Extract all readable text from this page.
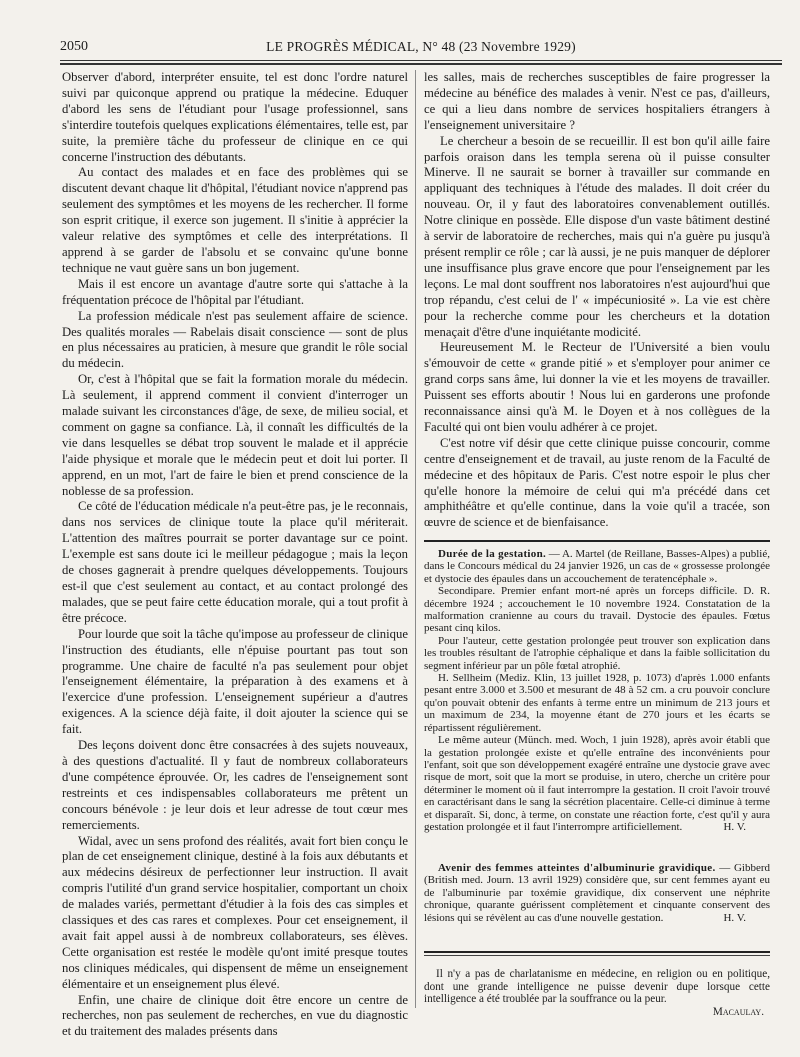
2050	LE PROGRÈS MÉDICAL, N° 48 (23 Novembre 1929)

Observer d'abord, interpréter ensuite, tel est donc l'ordre naturel suivi par quiconque apprend ou pratique la médecine. Eduquer d'abord les sens de l'étudiant pour l'usage professionnel, sans s'interdire toutefois quelques explications élémentaires, telle est, par suite, la première tâche du professeur de clinique en ce qui concerne l'instruction des débutants.

Au contact des malades et en face des problèmes qui se discutent devant chaque lit d'hôpital, l'étudiant novice n'apprend pas seulement des symptômes et les moyens de les rechercher. Il forme son esprit critique, il exerce son jugement. Il s'initie à apprécier la valeur relative des symptômes et celle des interprétations. Il apprend à se garder de l'absolu et se convainc qu'une bonne technique ne vaut guère sans un bon jugement.

Mais il est encore un avantage d'autre sorte qui s'attache à la fréquentation précoce de l'hôpital par l'étudiant.

La profession médicale n'est pas seulement affaire de science. Des qualités morales — Rabelais disait conscience — sont de plus en plus nécessaires au praticien, à mesure que grandit le rôle social du médecin.

Or, c'est à l'hôpital que se fait la formation morale du médecin. Là seulement, il apprend comment il convient d'interroger un malade suivant les circonstances d'âge, de sexe, de milieu social, et comment on gagne sa confiance. Là, il connaît les difficultés de la vie dans lesquelles se débat trop souvent le malade et il apprécie l'aide physique et morale que le médecin peut et doit lui porter. Il apprend, en un mot, l'art de faire le bien et prend conscience de la noblesse de sa profession.

Ce côté de l'éducation médicale n'a peut-être pas, je le reconnais, dans nos services de clinique toute la place qu'il mériterait. L'attention des maîtres pourrait se porter davantage sur ce point. L'exemple est sans doute ici le meilleur pédagogue ; mais la leçon de choses gagnerait à prendre quelques développements. Toujours est-il que c'est seulement au contact, et au contact prolongé des malades, que se peut faire cette éducation morale, qui a tout profit à être précoce.

Pour lourde que soit la tâche qu'impose au professeur de clinique l'instruction des étudiants, elle n'épuise pourtant pas tout son programme. Une chaire de faculté n'a pas seulement pour objet l'enseignement élémentaire, la préparation à des examens et à l'exercice d'une profession. L'enseignement supérieur a d'autres exigences. A la science déjà faite, il doit ajouter la science qui se fait.

Des leçons doivent donc être consacrées à des sujets nouveaux, à des questions d'actualité. Il y faut de nombreux collaborateurs d'une compétence éprouvée. Or, les cadres de l'enseignement sont restreints et ces indispensables collaborateurs me prêtent un concours bénévole : je leur dois et leur adresse de tout cœur mes remerciements.

Widal, avec un sens profond des réalités, avait fort bien conçu le plan de cet enseignement clinique, destiné à la fois aux débutants et aux médecins désireux de perfectionner leur instruction. Il avait compris l'utilité d'un grand service hospitalier, comportant un choix de malades variés, permettant d'étudier à la fois des cas simples et classiques et des cas rares et complexes. Pour cet enseignement, il avait fait appel aussi à de nombreux collaborateurs, ses élèves. Cette organisation est restée le modèle qu'ont imité presque toutes nos cliniques médicales, qui dispensent de même un enseignement élémentaire et un enseignement plus élevé.

Enfin, une chaire de clinique doit être encore un centre de recherches, non pas seulement de recherches, en vue du diagnostic et du traitement des malades présents dans

les salles, mais de recherches susceptibles de faire progresser la médecine au bénéfice des malades à venir. N'est ce pas, d'ailleurs, ce qui a lieu dans nombre de services hospitaliers étrangers à l'enseignement universitaire ?

Le chercheur a besoin de se recueillir. Il est bon qu'il aille faire parfois oraison dans les templa serena où il puisse consulter Minerve. Il ne saurait se borner à travailler sur commande en appliquant des techniques à l'étude des malades. Il doit créer du nouveau. Or, il y faut des laboratoires convenablement outillés. Notre clinique en possède. Elle dispose d'un vaste bâtiment destiné à servir de laboratoire de recherches, mais qui n'a guère pu jusqu'à présent remplir ce rôle ; car là aussi, je ne puis manquer de déplorer une insuffisance plus grave encore que pour l'enseignement par les leçons. Le mal dont souffrent nos laboratoires n'est aujourd'hui que trop répandu, c'est celui de l' « impécuniosité ». La vie est chère pour la recherche comme pour les chercheurs et la dotation menaçait d'être d'une inquiétante modicité.

Heureusement M. le Recteur de l'Université a bien voulu s'émouvoir de cette « grande pitié » et s'employer pour animer ce grand corps sans âme, lui donner la vie et les moyens de travailler. Puissent ses efforts aboutir ! Nous lui en garderons une profonde reconnaissance ainsi qu'à M. le Doyen et à nos collègues de la Faculté qui ont bien voulu adhérer à ce projet.

C'est notre vif désir que cette clinique puisse concourir, comme centre d'enseignement et de travail, au juste renom de la Faculté de médecine et des hôpitaux de Paris. C'est notre espoir le plus cher qu'elle honore la mémoire de celui qui m'a précédé dans cet amphithéâtre et qu'elle continue, dans la voie qu'il a tracée, son œuvre de science et de bienfaisance.

Durée de la gestation. — A. Martel (de Reillane, Basses-Alpes) a publié, dans le Concours médical du 24 janvier 1926, un cas de « grossesse prolongée et dystocie des épaules dans un accouchement de teratencéphale ».

Secondipare. Premier enfant mort-né après un forceps difficile. D. R. décembre 1924 ; accouchement le 10 novembre 1924. Constatation de la malformation cranienne au cours du travail. Dystocie des épaules. Fœtus pesant cinq kilos.

Pour l'auteur, cette gestation prolongée peut trouver son explication dans les troubles résultant de l'atrophie céphalique et dans la faible sollicitation du segment inférieur par un pôle fœtal atrophié.

H. Sellheim (Mediz. Klin, 13 juillet 1928, p. 1073) d'après 1.000 enfants pesant entre 3.000 et 3.500 et mesurant de 48 à 52 cm. a cru pouvoir conclure qu'on pouvait obtenir des enfants à terme entre un minimum de 213 jours et un maximum de 234, la moyenne étant de 270 jours et les écarts se répartissent régulièrement.

Le même auteur (Münch. med. Woch, 1 juin 1928), après avoir établi que la gestation prolongée existe et qu'elle entraîne des inconvénients pour l'enfant, soit que son développement exagéré entraîne une dystocie grave avec risque de mort, soit que la mort se produise, in utero, cherche un critère pour déterminer le moment où il faut interrompre la gestation. Il croit l'avoir trouvé en caractérisant dans le sang la sécrétion placentaire. Celle-ci diminue à terme et disparaît. Si, donc, à terme, on constate une réaction forte, c'est qu'il y aura gestation prolongée et il faut l'interrompre artificiellement.	H. V.

Avenir des femmes atteintes d'albuminurie gravidique. — Gibberd (British med. Journ. 13 avril 1929) considère que, sur cent femmes ayant eu de l'albuminurie par toxémie gravidique, dix conservent une néphrite chronique, quarante guérissent complètement et cinquante conservent des lésions qui se révèlent au cas d'une nouvelle gestation.	H. V.

Il n'y a pas de charlatanisme en médecine, en religion ou en politique, dont une grande intelligence ne puisse devenir dupe lorsque cette intelligence a été troublée par la souffrance ou la peur.

Macaulay.
